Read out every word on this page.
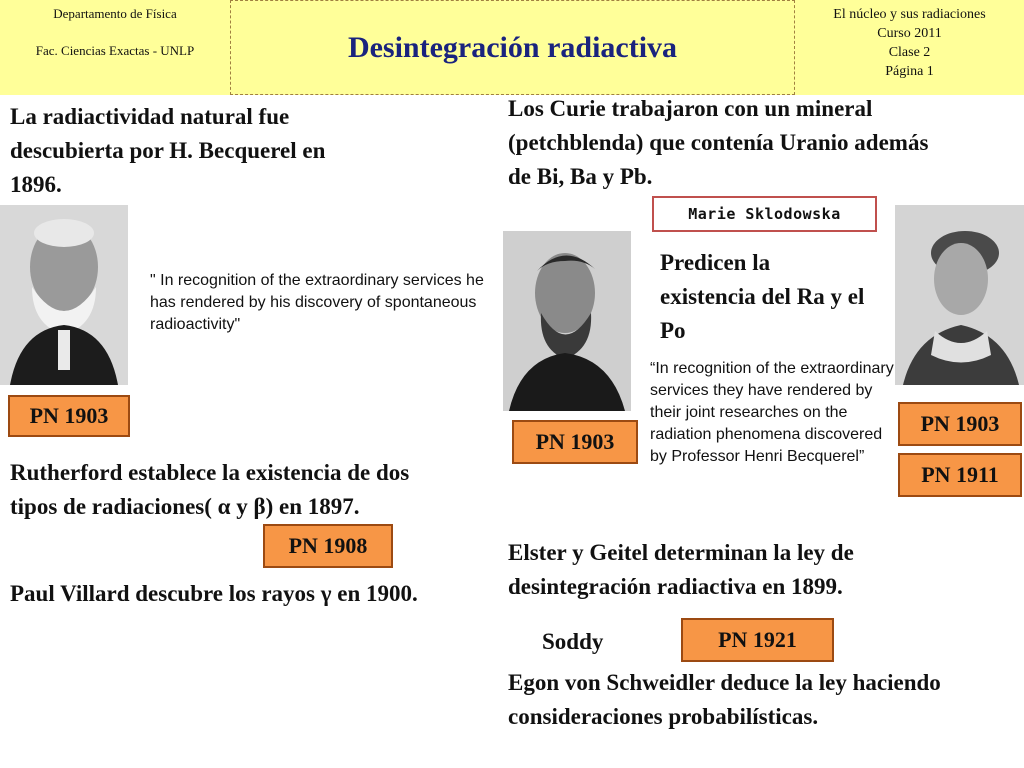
Departamento de Física
Fac. Ciencias Exactas - UNLP	Desintegración radiactiva
El núcleo y sus radiaciones
Curso 2011
Clase 2
Página 1
La radiactividad natural fue descubierta por H. Becquerel en 1896.
" In recognition of the extraordinary services he has rendered by his discovery of spontaneous radioactivity"
PN 1903
Rutherford establece la existencia de dos tipos de radiaciones( α y β) en 1897.
PN 1908
Paul Villard descubre los rayos γ en 1900.
Los Curie trabajaron con un mineral (petchblenda) que contenía Uranio además de Bi, Ba y Pb.
Marie Sklodowska
Predicen la existencia del Ra y el Po
“In recognition of the extraordinary services they have rendered by their joint researches on the radiation phenomena discovered by Professor Henri Becquerel”
PN 1903
PN 1903
PN 1911
Elster y Geitel determinan la ley de desintegración radiactiva en 1899.
Soddy	PN 1921
Egon von Schweidler deduce la ley haciendo consideraciones probabilísticas.
